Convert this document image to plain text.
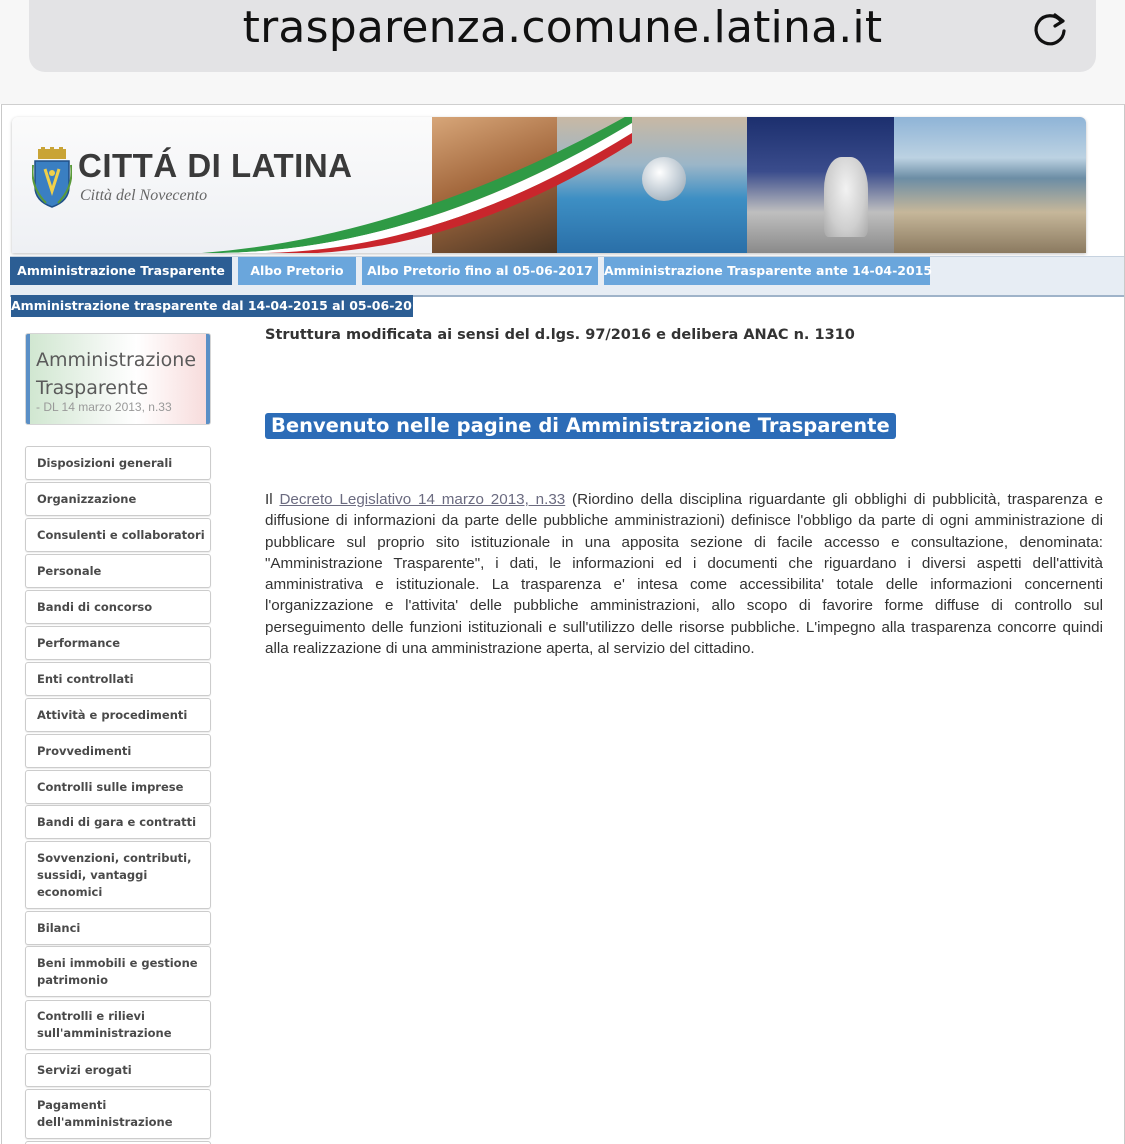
trasparenza.comune.latina.it
CITTÁ DI LATINA
Città del Novecento
Amministrazione Trasparente	Albo Pretorio	Albo Pretorio fino al 05-06-2017 Amministrazione Trasparente ante 14-04-2015
Amministrazione trasparente dal 14-04-2015 al 05-06-2017
Amministrazione Trasparente
- DL 14 marzo 2013, n.33
Disposizioni generali
Organizzazione
Consulenti e collaboratori
Personale
Bandi di concorso
Performance
Enti controllati
Attività e procedimenti
Provvedimenti
Controlli sulle imprese
Bandi di gara e contratti
Sovvenzioni, contributi, sussidi, vantaggi economici
Bilanci
Beni immobili e gestione patrimonio
Controlli e rilievi sull'amministrazione
Servizi erogati
Pagamenti dell'amministrazione
Struttura modificata ai sensi del d.lgs. 97/2016 e delibera ANAC n. 1310
Benvenuto nelle pagine di Amministrazione Trasparente

Il Decreto Legislativo 14 marzo 2013, n.33 (Riordino della disciplina riguardante gli obblighi di pubblicità, trasparenza e diffusione di informazioni da parte delle pubbliche amministrazioni) definisce l'obbligo da parte di ogni amministrazione di pubblicare sul proprio sito istituzionale in una apposita sezione di facile accesso e consultazione, denominata: "Amministrazione Trasparente", i dati, le informazioni ed i documenti che riguardano i diversi aspetti dell'attività amministrativa e istituzionale. La trasparenza e' intesa come accessibilita' totale delle informazioni concernenti l'organizzazione e l'attivita' delle pubbliche amministrazioni, allo scopo di favorire forme diffuse di controllo sul perseguimento delle funzioni istituzionali e sull'utilizzo delle risorse pubbliche. L'impegno alla trasparenza concorre quindi alla realizzazione di una amministrazione aperta, al servizio del cittadino.
